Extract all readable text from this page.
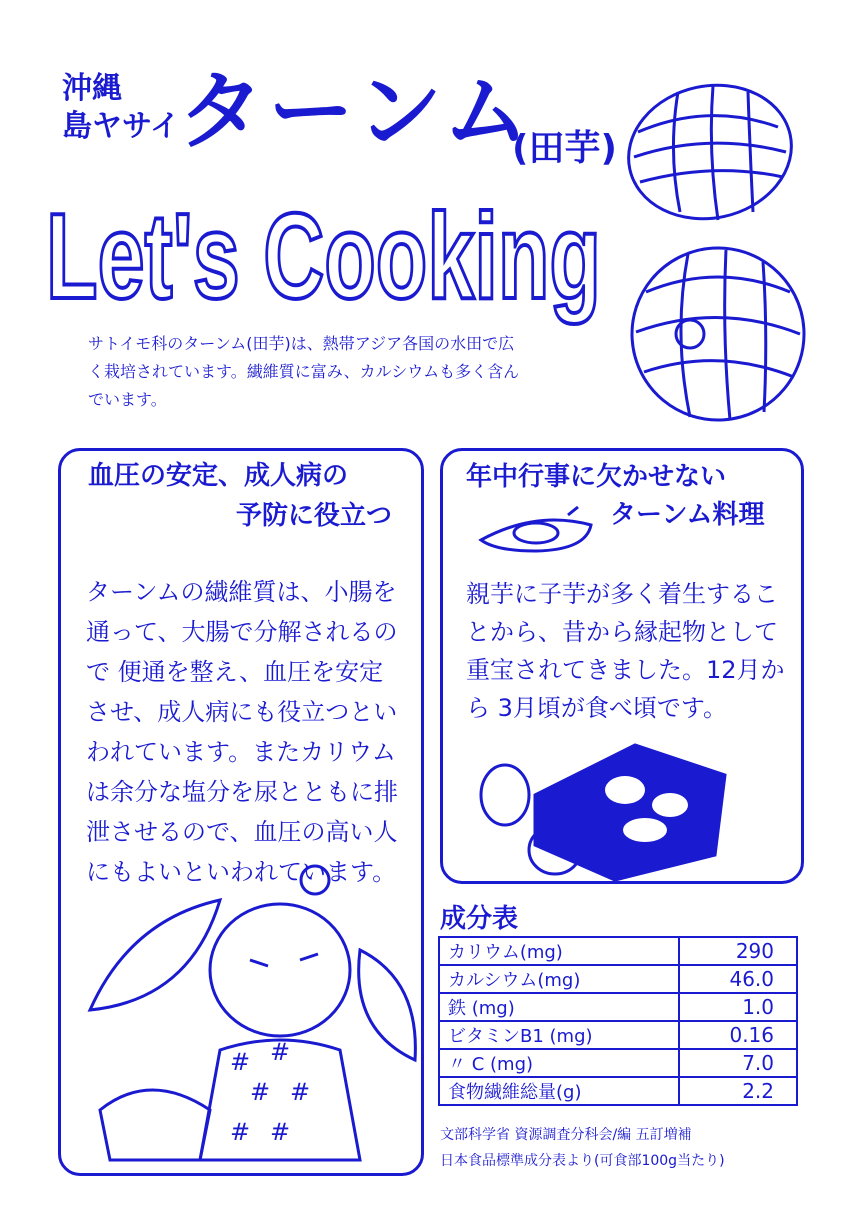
沖縄
島ヤサイ
ターンム
(田芋)
Let's Cooking
サトイモ科のターンム(田芋)は、熱帯アジア各国の水田で広く栽培されています。繊維質に富み、カルシウムも多く含んでいます。
血圧の安定、成人病の
予防に役立つ
ターンムの繊維質は、小腸を通って、大腸で分解されるので 便通を整え、血圧を安定させ、成人病にも役立つといわれています。またカリウムは余分な塩分を尿とともに排泄させるので、血圧の高い人にもよいといわれています。
# #
# #
# #
年中行事に欠かせない
ターンム料理
親芋に子芋が多く着生することから、昔から縁起物として重宝されてきました。12月から 3月頃が食べ頃です。
成分表
カリウム(mg)	290
カルシウム(mg)	46.0
鉄 (mg)	1.0
ビタミンB1 (mg)	0.16
〃 C (mg)	7.0
食物繊維総量(g)	2.2
文部科学省 資源調査分科会/編 五訂増補
日本食品標準成分表より(可食部100g当たり)
